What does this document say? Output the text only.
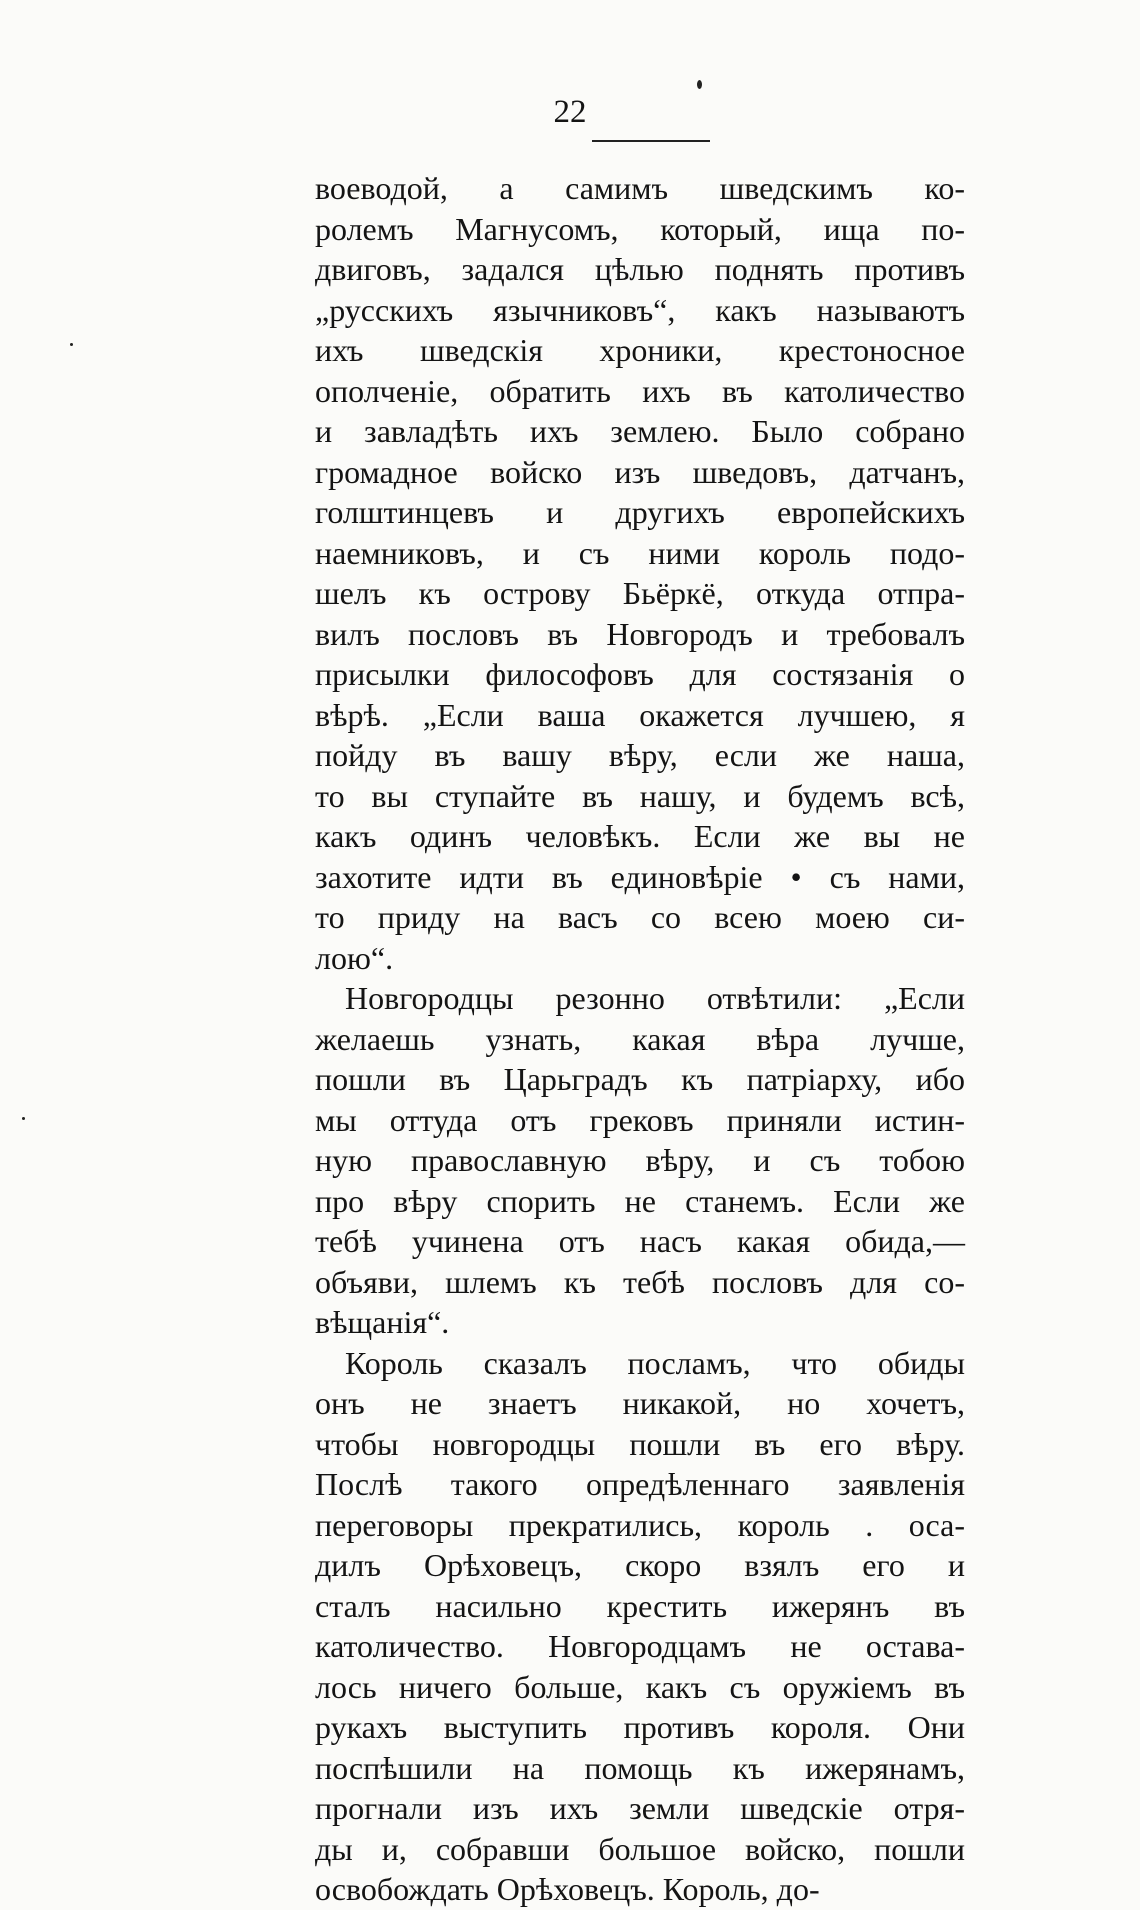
22
воеводой, а самимъ шведскимъ ко-
ролемъ Магнусомъ, который, ища по-
двиговъ, задался цѣлью поднять противъ
„русскихъ язычниковъ“, какъ называютъ
ихъ шведскія хроники, крестоносное
ополченіе, обратить ихъ въ католичество
и завладѣть ихъ землею. Было собрано
громадное войско изъ шведовъ, датчанъ,
голштинцевъ и другихъ европейскихъ
наемниковъ, и съ ними король подо-
шелъ къ острову Бьёркё, откуда отпра-
вилъ пословъ въ Новгородъ и требовалъ
присылки философовъ для состязанія о
вѣрѣ. „Если ваша окажется лучшею, я
пойду въ вашу вѣру, если же наша,
то вы ступайте въ нашу, и будемъ всѣ,
какъ одинъ человѣкъ. Если же вы не
захотите идти въ единовѣріе • съ нами,
то приду на васъ со всею моею си-
лою“.
Новгородцы резонно отвѣтили: „Если
желаешь узнать, какая вѣра лучше,
пошли въ Царьградъ къ патріарху, ибо
мы оттуда отъ грековъ приняли истин-
ную православную вѣру, и съ тобою
про вѣру спорить не станемъ. Если же
тебѣ учинена отъ насъ какая обида,—
объяви, шлемъ къ тебѣ пословъ для со-
вѣщанія“.
Король сказалъ посламъ, что обиды
онъ не знаетъ никакой, но хочетъ,
чтобы новгородцы пошли въ его вѣру.
Послѣ такого опредѣленнаго заявленія
переговоры прекратились, король . оса-
дилъ Орѣховецъ, скоро взялъ его и
сталъ насильно крестить ижерянъ въ
католичество. Новгородцамъ не остава-
лось ничего больше, какъ съ оружіемъ въ
рукахъ выступить противъ короля. Они
поспѣшили на помощь къ ижерянамъ,
прогнали изъ ихъ земли шведскіе отря-
ды и, собравши большое войско, пошли
освобождать Орѣховецъ. Король, до-
